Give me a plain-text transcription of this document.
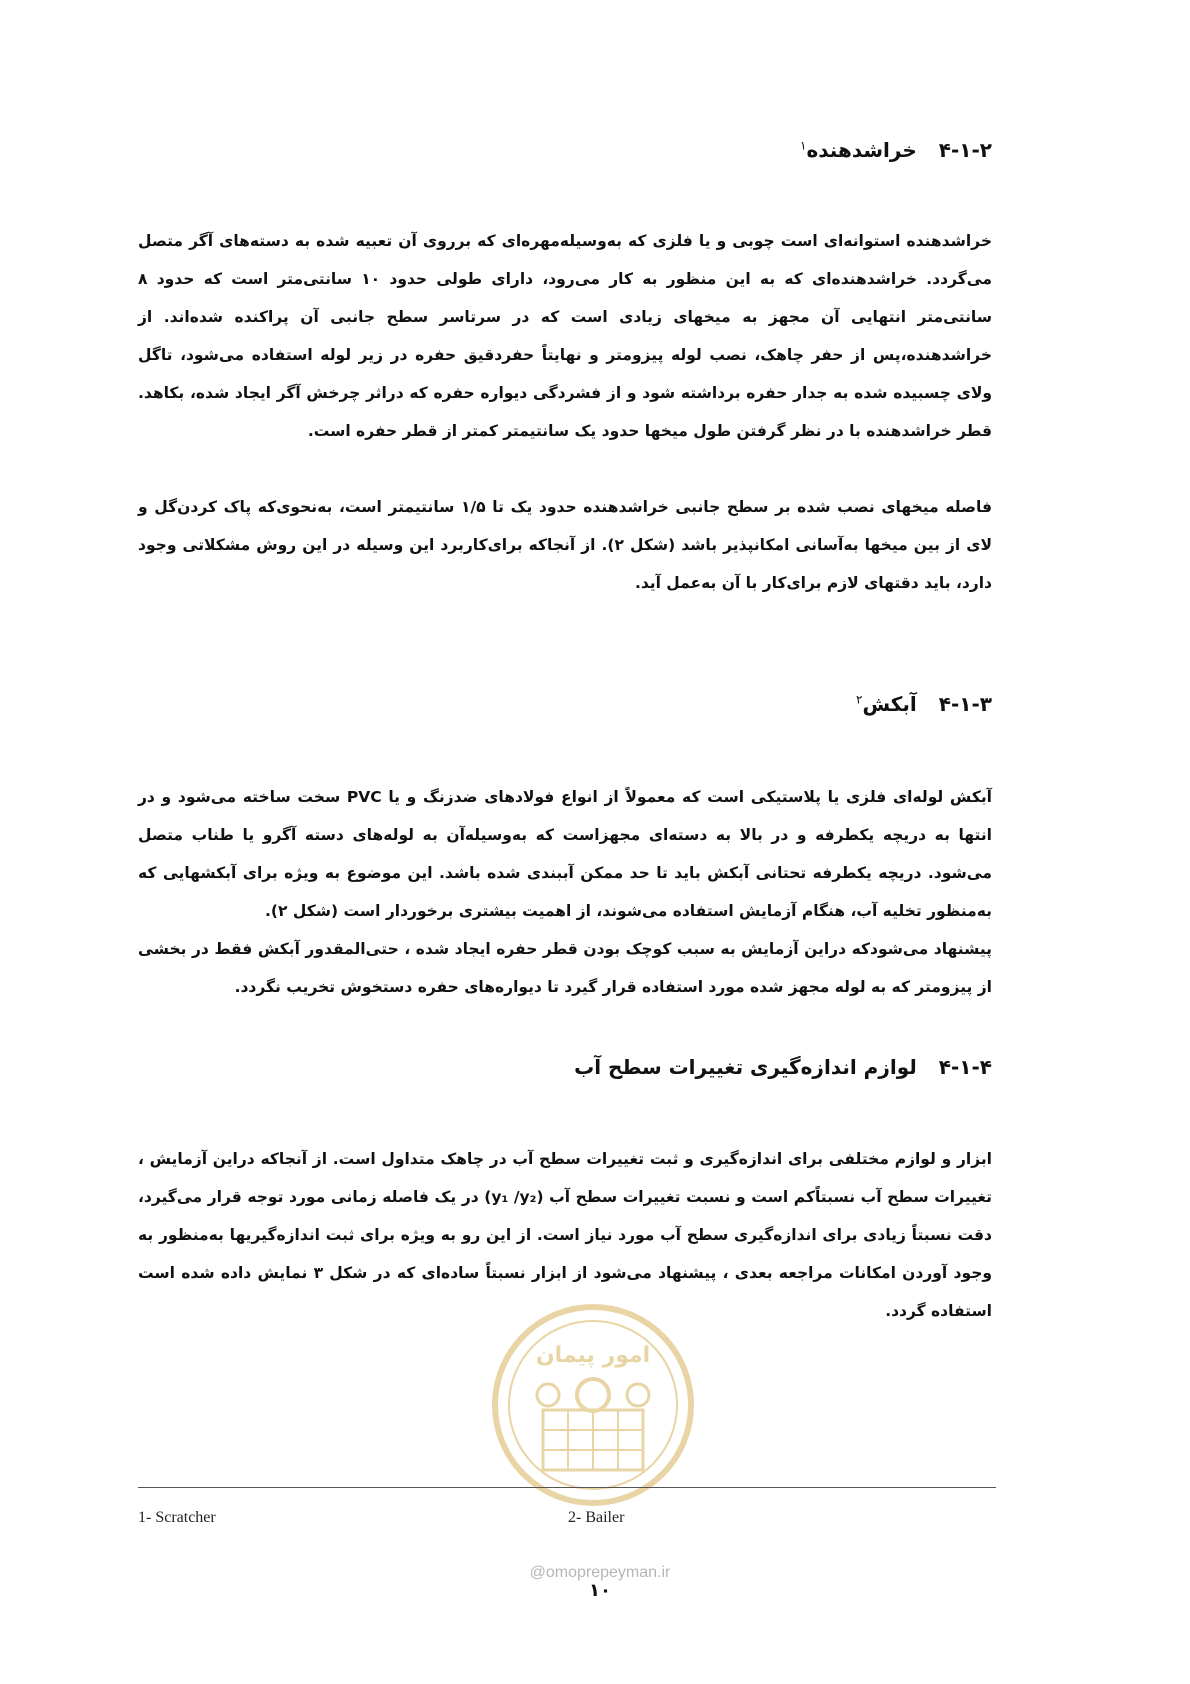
۴-۱-۲خراشدهنده$^۱$

خراشدهنده استوانه‌ای است چوبی و یا فلزی که به‌وسیله‌مهره‌ای که برروی آن تعبیه شده به دسته‌های آگر متصل می‌گردد. خراشدهنده‌ای که به این منظور به کار می‌رود، دارای طولی حدود ۱۰ سانتی‌متر است که حدود ۸ سانتی‌متر انتهایی آن مجهز به میخهای زیادی است که در سرتاسر سطح جانبی آن پراکنده شده‌اند. از خراشدهنده،پس از حفر چاهک، نصب لوله پیزومتر و نهایتاً حفردقیق حفره در زیر لوله استفاده می‌شود، تاگل ولای چسبیده شده به جدار حفره برداشته شود و از فشردگی دیواره حفره که دراثر چرخش آگر ایجاد شده، بکاهد. قطر خراشدهنده با در نظر گرفتن طول میخها حدود یک سانتیمتر کمتر از قطر حفره است.

فاصله میخهای نصب شده بر سطح جانبی خراشدهنده حدود یک تا ۱/۵ سانتیمتر است، به‌نحوی‌که پاک کردن‌گل و لای از بین میخها به‌آسانی امکانپذیر باشد (شکل ۲). از آنجاکه برای‌کاربرد این وسیله در این روش مشکلاتی وجود دارد، باید دقتهای لازم برای‌کار با آن به‌عمل آید.

۴-۱-۳آبکش$^۲$

آبکش لوله‌ای فلزی یا پلاستیکی است که معمولاً از انواع فولادهای ضدزنگ و یا PVC سخت ساخته می‌شود و در انتها به دریچه یکطرفه و در بالا به دسته‌ای مجهزاست که به‌وسیله‌آن به لوله‌های دسته آگرو یا طناب متصل می‌شود. دریچه یکطرفه تحتانی آبکش باید تا حد ممکن آببندی شده باشد. این موضوع به ویژه برای آبکشهایی که به‌منظور تخلیه آب، هنگام آزمایش استفاده می‌شوند، از اهمیت بیشتری برخوردار است (شکل ۲).

پیشنهاد می‌شودکه دراین آزمایش به سبب کوچک بودن قطر حفره ایجاد شده ، حتی‌المقدور آبکش فقط در بخشی از پیزومتر که به لوله مجهز شده مورد استفاده قرار گیرد تا دیواره‌های حفره دستخوش تخریب نگردد.

۴-۱-۴لوازم اندازه‌گیری تغییرات سطح آب

ابزار و لوازم مختلفی برای اندازه‌گیری و ثبت تغییرات سطح آب در چاهک متداول است. از آنجاکه دراین آزمایش ، تغییرات سطح آب نسبتاً‌کم است و نسبت تغییرات سطح آب (y₁ /y₂) در یک فاصله زمانی مورد توجه قرار می‌گیرد، دقت نسبتاً زیادی برای اندازه‌گیری سطح آب مورد نیاز است. از این رو به ویژه برای ثبت اندازه‌گیریها به‌منظور به وجود آوردن امکانات مراجعه بعدی ، پیشنهاد می‌شود از ابزار نسبتاً ساده‌ای که در شکل ۳ نمایش داده شده است استفاده گردد.

امور پیمان
1- Scratcher	2- Bailer
@omoprepeyman.ir
۱۰
